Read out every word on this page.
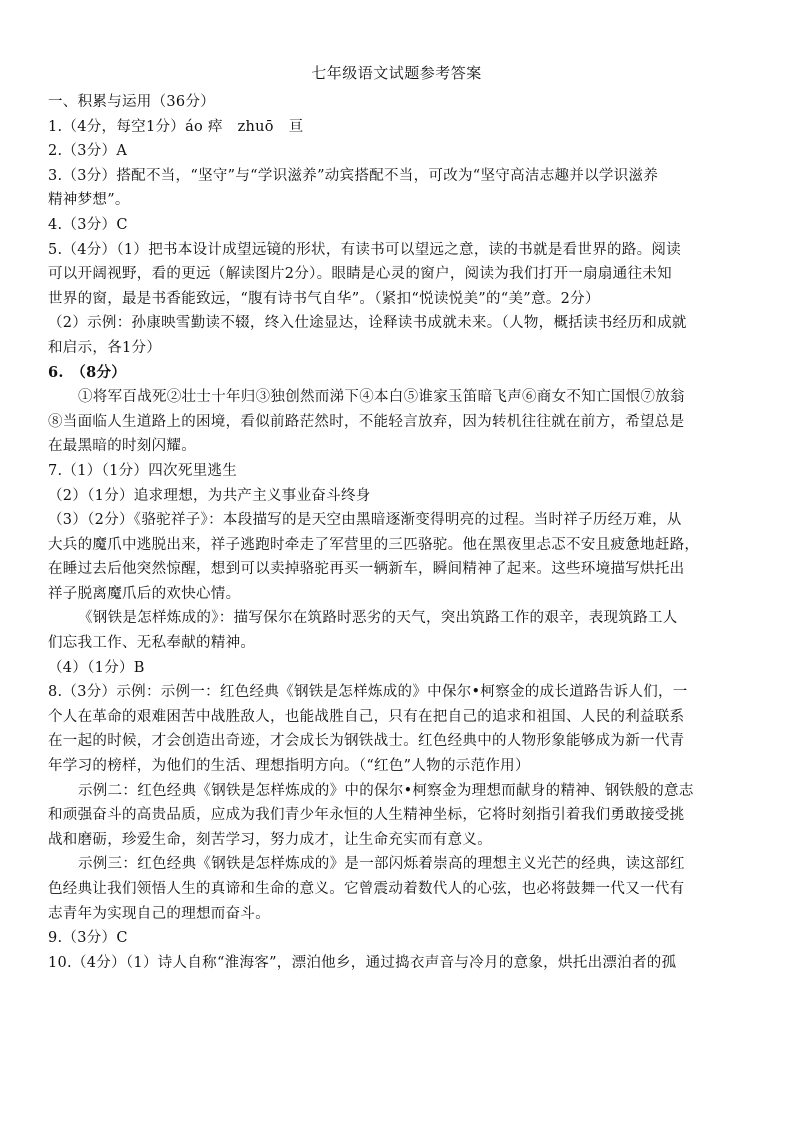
七年级语文试题参考答案
一、积累与运用（36分）
1.（4分，每空1分）áo 瘁　zhuō　亘
2.（3分）A
3.（3分）搭配不当，“坚守”与“学识滋养”动宾搭配不当，可改为“坚守高洁志趣并以学识滋养
精神梦想”。
4.（3分）C
5.（4分）（1）把书本设计成望远镜的形状，有读书可以望远之意，读的书就是看世界的路。阅读
可以开阔视野，看的更远（解读图片2分）。眼睛是心灵的窗户，阅读为我们打开一扇扇通往未知
世界的窗，最是书香能致远，“腹有诗书气自华”。（紧扣“悦读悦美”的“美”意。2分）
（2）示例：孙康映雪勤读不辍，终入仕途显达，诠释读书成就未来。（人物，概括读书经历和成就
和启示，各1分）
6.　（8分）
①将军百战死②壮士十年归③独创然而涕下④本白⑤谁家玉笛暗飞声⑥商女不知亡国恨⑦放翁
⑧当面临人生道路上的困境，看似前路茫然时，不能轻言放弃，因为转机往往就在前方，希望总是
在最黑暗的时刻闪耀。
7.（1）（1分）四次死里逃生
（2）（1分）追求理想，为共产主义事业奋斗终身
（3）（2分）《骆驼祥子》：本段描写的是天空由黑暗逐渐变得明亮的过程。当时祥子历经万难，从
大兵的魔爪中逃脱出来，祥子逃跑时牵走了军营里的三匹骆驼。他在黑夜里忐忑不安且疲惫地赶路，
在睡过去后他突然惊醒，想到可以卖掉骆驼再买一辆新车，瞬间精神了起来。这些环境描写烘托出
祥子脱离魔爪后的欢快心情。
《钢铁是怎样炼成的》：描写保尔在筑路时恶劣的天气，突出筑路工作的艰辛，表现筑路工人
们忘我工作、无私奉献的精神。
（4）（1分）B
8.（3分）示例：示例一：红色经典《钢铁是怎样炼成的》中保尔•柯察金的成长道路告诉人们，一
个人在革命的艰难困苦中战胜敌人，也能战胜自己，只有在把自己的追求和祖国、人民的利益联系
在一起的时候，才会创造出奇迹，才会成长为钢铁战士。红色经典中的人物形象能够成为新一代青
年学习的榜样，为他们的生活、理想指明方向。（“红色”人物的示范作用）
示例二：红色经典《钢铁是怎样炼成的》中的保尔•柯察金为理想而献身的精神、钢铁般的意志
和顽强奋斗的高贵品质，应成为我们青少年永恒的人生精神坐标，它将时刻指引着我们勇敢接受挑
战和磨砺，珍爱生命，刻苦学习，努力成才，让生命充实而有意义。
示例三：红色经典《钢铁是怎样炼成的》是一部闪烁着崇高的理想主义光芒的经典，读这部红
色经典让我们领悟人生的真谛和生命的意义。它曾震动着数代人的心弦，也必将鼓舞一代又一代有
志青年为实现自己的理想而奋斗。
9.（3分）C
10.（4分）（1）诗人自称“淮海客”，漂泊他乡，通过捣衣声音与冷月的意象，烘托出漂泊者的孤
